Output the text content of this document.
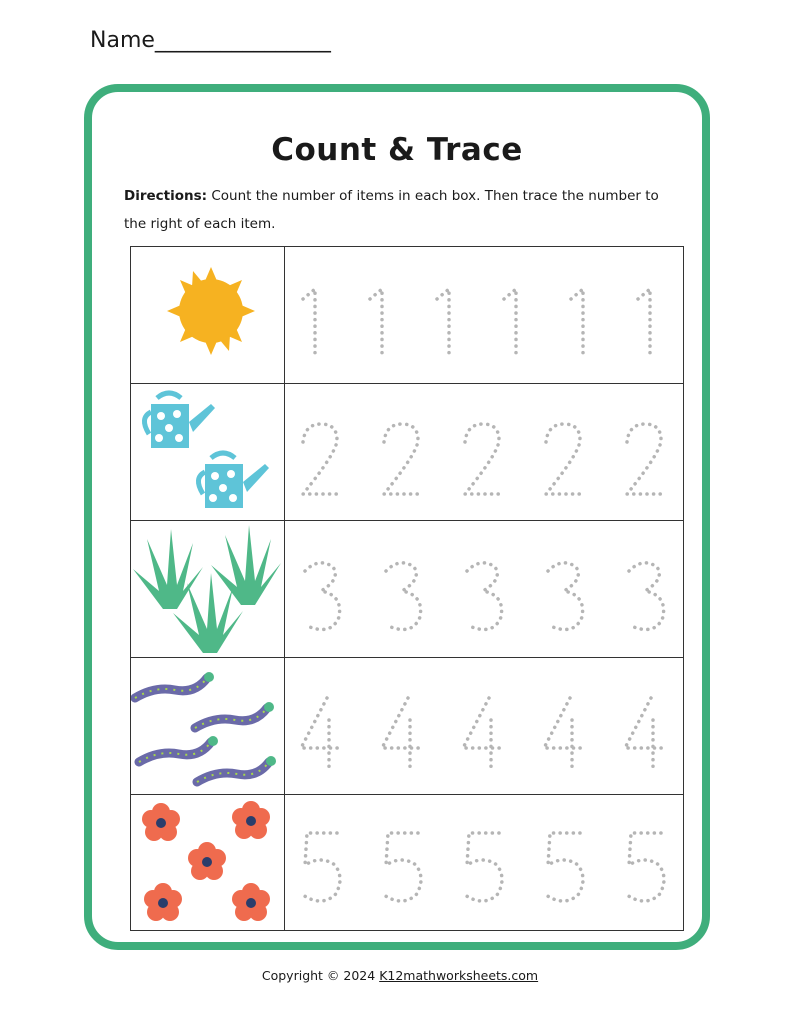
Name________________
Count & Trace
Directions: Count the number of items in each box. Then trace the number to the right of each item.
Copyright © 2024 K12mathworksheets.com
